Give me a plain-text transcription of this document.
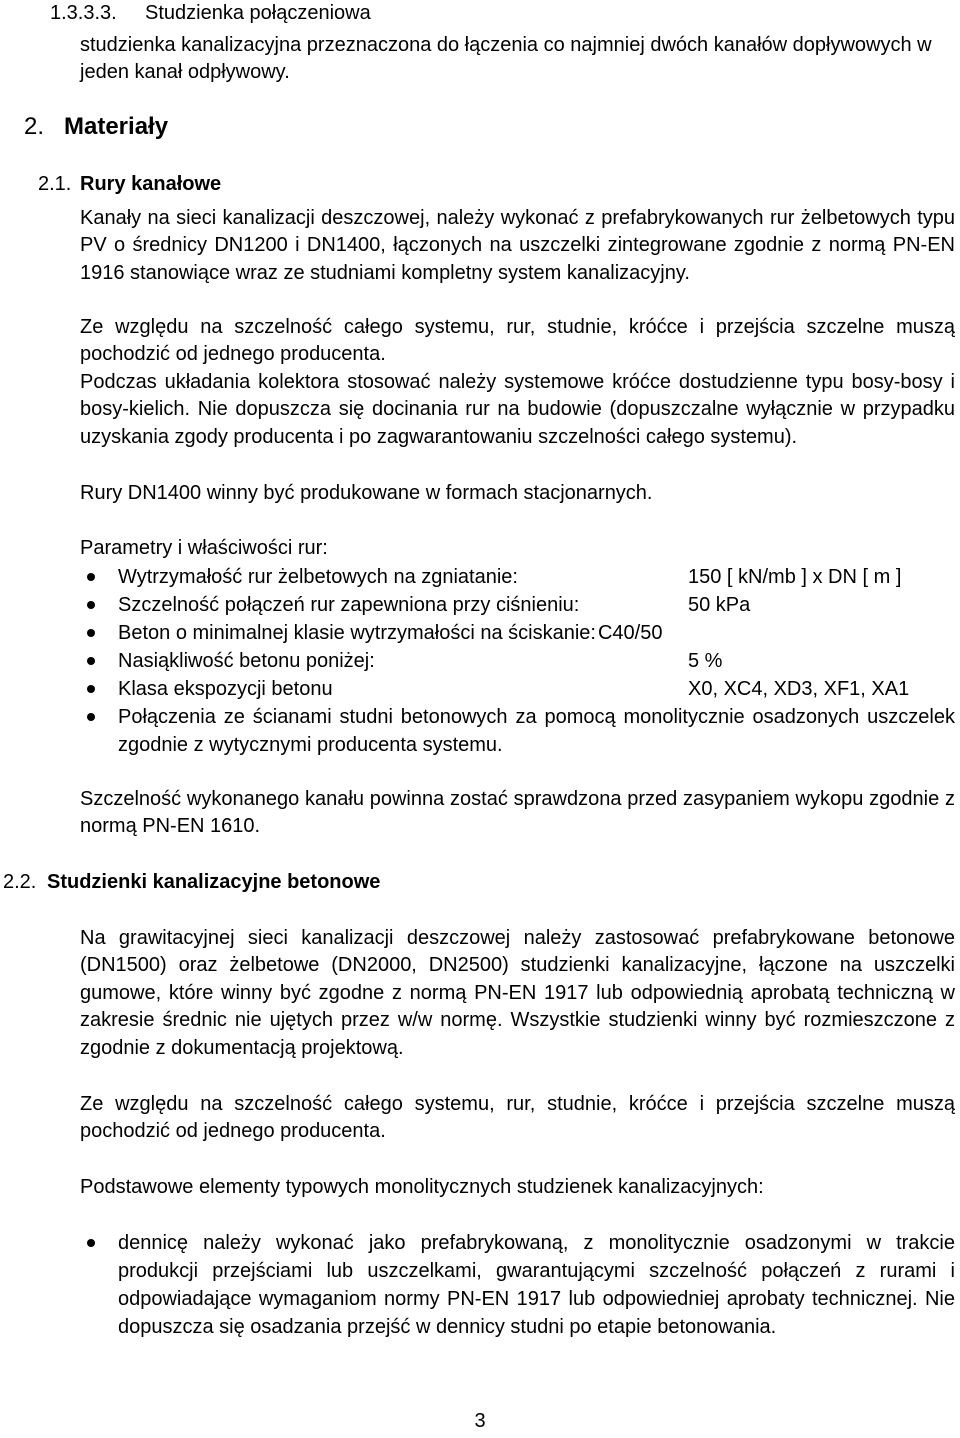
1.3.3.3. Studzienka połączeniowa

studzienka kanalizacyjna przeznaczona do łączenia co najmniej dwóch kanałów dopływowych w jeden kanał odpływowy.

2. Materiały
2.1. Rury kanałowe

Kanały na sieci kanalizacji deszczowej, należy wykonać z prefabrykowanych rur żelbetowych typu PV o średnicy DN1200 i DN1400, łączonych na uszczelki zintegrowane zgodnie z normą PN-EN 1916 stanowiące wraz ze studniami kompletny system kanalizacyjny.

Ze względu na szczelność całego systemu, rur, studnie, króćce i przejścia szczelne muszą pochodzić od jednego producenta.

Podczas układania kolektora stosować należy systemowe króćce dostudzienne typu bosy-bosy i bosy-kielich. Nie dopuszcza się docinania rur na budowie (dopuszczalne wyłącznie w przypadku uzyskania zgody producenta i po zagwarantowaniu szczelności całego systemu).

Rury DN1400 winny być produkowane w formach stacjonarnych.

Parametry i właściwości rur:

Wytrzymałość rur żelbetowych na zgniatanie:	150 [ kN/mb ] x DN [ m ]
Szczelność połączeń rur zapewniona przy ciśnieniu:	50 kPa
Beton o minimalnej klasie wytrzymałości na ściskanie: C40/50
Nasiąkliwość betonu poniżej:	5 %
Klasa ekspozycji betonu	X0, XC4, XD3, XF1, XA1
Połączenia ze ścianami studni betonowych za pomocą monolitycznie osadzonych uszczelek zgodnie z wytycznymi producenta systemu.

Szczelność wykonanego kanału powinna zostać sprawdzona przed zasypaniem wykopu zgodnie z normą PN-EN 1610.

2.2. Studzienki kanalizacyjne betonowe

Na grawitacyjnej sieci kanalizacji deszczowej należy zastosować prefabrykowane betonowe (DN1500) oraz żelbetowe (DN2000, DN2500) studzienki kanalizacyjne, łączone na uszczelki gumowe, które winny być zgodne z normą PN-EN 1917 lub odpowiednią aprobatą techniczną w zakresie średnic nie ujętych przez w/w normę. Wszystkie studzienki winny być rozmieszczone z zgodnie z dokumentacją projektową.

Ze względu na szczelność całego systemu, rur, studnie, króćce i przejścia szczelne muszą pochodzić od jednego producenta.

Podstawowe elementy typowych monolitycznych studzienek kanalizacyjnych:

dennicę należy wykonać jako prefabrykowaną, z monolitycznie osadzonymi w trakcie produkcji przejściami lub uszczelkami, gwarantującymi szczelność połączeń z rurami i odpowiadające wymaganiom normy PN-EN 1917 lub odpowiedniej aprobaty technicznej. Nie dopuszcza się osadzania przejść w dennicy studni po etapie betonowania.
3
